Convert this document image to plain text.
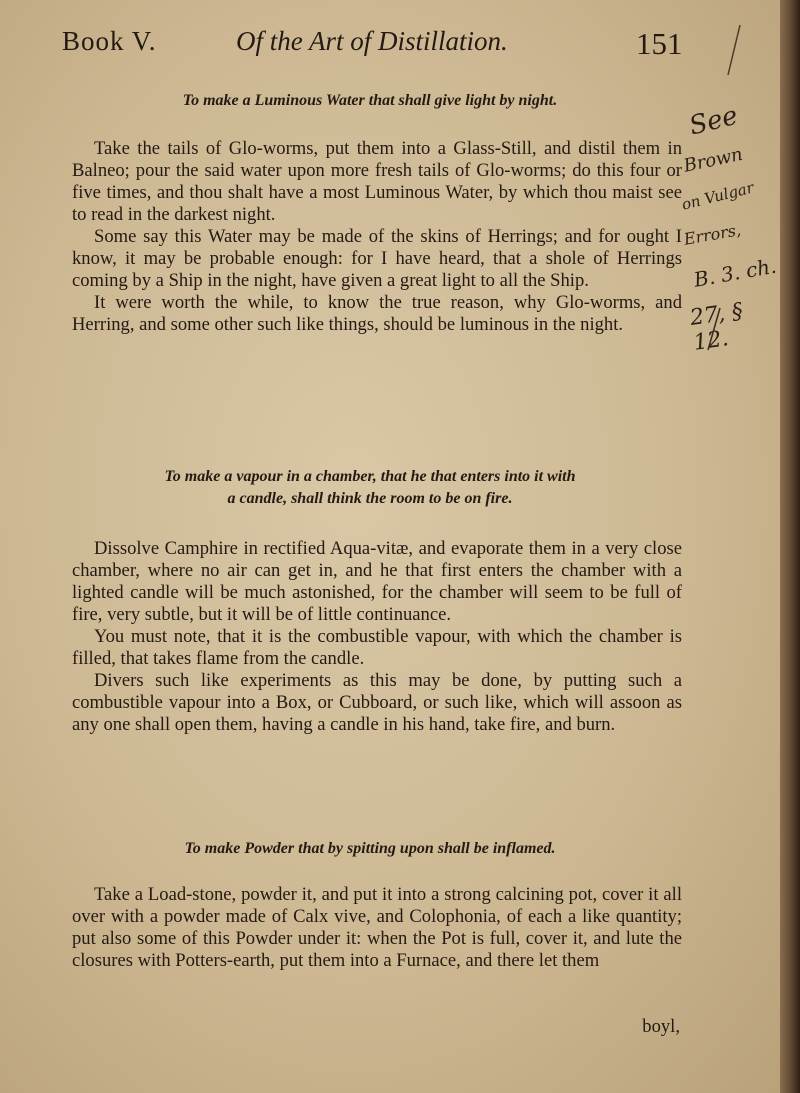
Book V.	Of the Art of Distillation.	151
To make a Luminous Water that shall give light by night.

Take the tails of Glo-worms, put them into a Glass-Still, and distil them in Balneo; pour the said water upon more fresh tails of Glo-worms; do this four or five times, and thou shalt have a most Luminous Water, by which thou maist see to read in the darkest night.

Some say this Water may be made of the skins of Herrings; and for ought I know, it may be probable enough: for I have heard, that a shole of Herrings coming by a Ship in the night, have given a great light to all the Ship.

It were worth the while, to know the true reason, why Glo-worms, and Herring, and some other such like things, should be luminous in the night.

To make a vapour in a chamber, that he that enters into it with
a candle, shall think the room to be on fire.

Dissolve Camphire in rectified Aqua-vitæ, and evaporate them in a very close chamber, where no air can get in, and he that first enters the chamber with a lighted candle will be much astonished, for the chamber will seem to be full of fire, very subtle, but it will be of little continuance.

You must note, that it is the combustible vapour, with which the chamber is filled, that takes flame from the candle.

Divers such like experiments as this may be done, by putting such a combustible vapour into a Box, or Cubboard, or such like, which will assoon as any one shall open them, having a candle in his hand, take fire, and burn.

To make Powder that by spitting upon shall be inflamed.

Take a Load-stone, powder it, and put it into a strong calcining pot, cover it all over with a powder made of Calx vive, and Colophonia, of each a like quantity; put also some of this Powder under it: when the Pot is full, cover it, and lute the closures with Potters-earth, put them into a Furnace, and there let them

boyl,
See
Brown
on Vulgar
Errors,
B. 3. ch.
27, § 12.
